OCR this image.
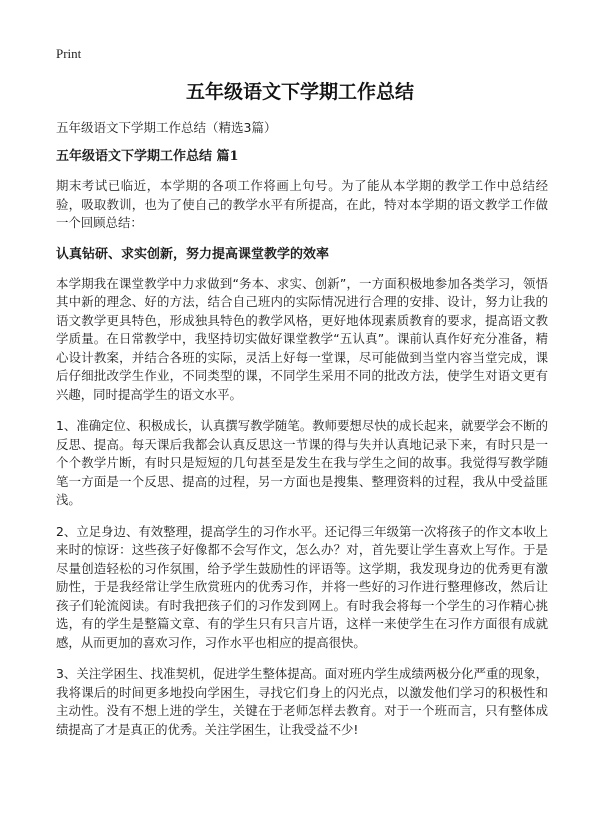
Print
五年级语文下学期工作总结

五年级语文下学期工作总结（精选3篇）

五年级语文下学期工作总结 篇1

期末考试已临近，本学期的各项工作将画上句号。为了能从本学期的教学工作中总结经验，吸取教训，也为了使自己的教学水平有所提高，在此，特对本学期的语文教学工作做一个回顾总结：

认真钻研、求实创新，努力提高课堂教学的效率

本学期我在课堂教学中力求做到“务本、求实、创新”，一方面积极地参加各类学习，领悟其中新的理念、好的方法，结合自己班内的实际情况进行合理的安排、设计，努力让我的语文教学更具特色，形成独具特色的教学风格，更好地体现素质教育的要求，提高语文教学质量。在日常教学中，我坚持切实做好课堂教学“五认真”。课前认真作好充分准备，精心设计教案，并结合各班的实际，灵活上好每一堂课，尽可能做到当堂内容当堂完成，课后仔细批改学生作业，不同类型的课，不同学生采用不同的批改方法，使学生对语文更有兴趣，同时提高学生的语文水平。

1、准确定位、积极成长，认真撰写教学随笔。教师要想尽快的成长起来，就要学会不断的反思、提高。每天课后我都会认真反思这一节课的得与失并认真地记录下来，有时只是一个个教学片断，有时只是短短的几句甚至是发生在我与学生之间的故事。我觉得写教学随笔一方面是一个反思、提高的过程，另一方面也是搜集、整理资料的过程，我从中受益匪浅。

2、立足身边、有效整理，提高学生的习作水平。还记得三年级第一次将孩子的作文本收上来时的惊讶：这些孩子好像都不会写作文，怎么办？对，首先要让学生喜欢上写作。于是尽量创造轻松的习作氛围，给予学生鼓励性的评语等。这学期，我发现身边的优秀更有激励性，于是我经常让学生欣赏班内的优秀习作，并将一些好的习作进行整理修改，然后让孩子们轮流阅读。有时我把孩子们的习作发到网上。有时我会将每一个学生的习作精心挑选，有的学生是整篇文章、有的学生只有只言片语，这样一来使学生在习作方面很有成就感，从而更加的喜欢习作，习作水平也相应的提高很快。

3、关注学困生、找准契机，促进学生整体提高。面对班内学生成绩两极分化严重的现象，我将课后的时间更多地投向学困生，寻找它们身上的闪光点，以激发他们学习的积极性和主动性。没有不想上进的学生，关键在于老师怎样去教育。对于一个班而言，只有整体成绩提高了才是真正的优秀。关注学困生，让我受益不少!
